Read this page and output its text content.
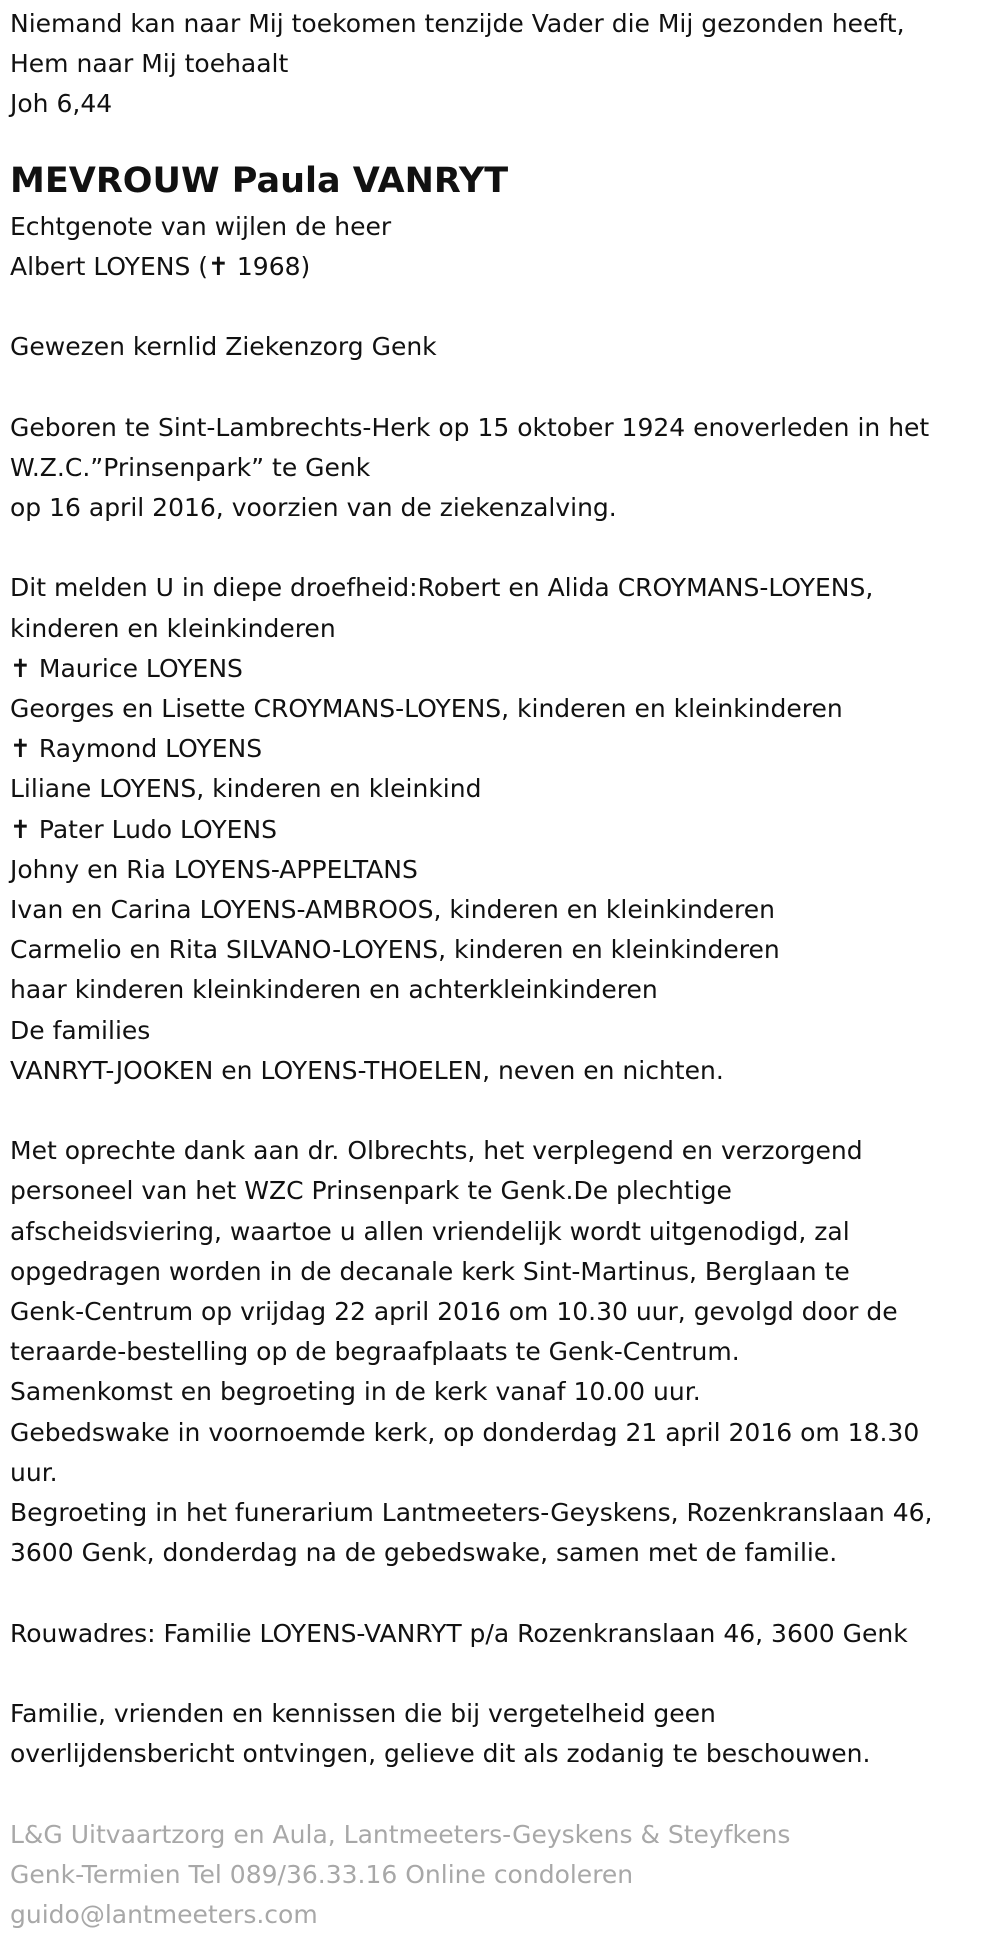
Niemand kan naar Mij toekomen tenzijde Vader die Mij gezonden heeft,

Hem naar Mij toehaalt

Joh 6,44

MEVROUW Paula VANRYT

Echtgenote van wijlen de heer

Albert LOYENS (✝ 1968)

Gewezen kernlid Ziekenzorg Genk

Geboren te Sint-Lambrechts-Herk op 15 oktober 1924 enoverleden in het

W.Z.C.”Prinsenpark” te Genk

op 16 april 2016, voorzien van de ziekenzalving.

Dit melden U in diepe droefheid:Robert en Alida CROYMANS-LOYENS,

kinderen en kleinkinderen

✝ Maurice LOYENS

Georges en Lisette CROYMANS-LOYENS, kinderen en kleinkinderen

✝ Raymond LOYENS

Liliane LOYENS, kinderen en kleinkind

✝ Pater Ludo LOYENS

Johny en Ria LOYENS-APPELTANS

Ivan en Carina LOYENS-AMBROOS, kinderen en kleinkinderen

Carmelio en Rita SILVANO-LOYENS, kinderen en kleinkinderen

haar kinderen kleinkinderen en achterkleinkinderen

De families

VANRYT-JOOKEN en LOYENS-THOELEN, neven en nichten.

Met oprechte dank aan dr. Olbrechts, het verplegend en verzorgend

personeel van het WZC Prinsenpark te Genk.De plechtige

afscheidsviering, waartoe u allen vriendelijk wordt uitgenodigd, zal

opgedragen worden in de decanale kerk Sint-Martinus, Berglaan te

Genk-Centrum op vrijdag 22 april 2016 om 10.30 uur, gevolgd door de

teraarde-bestelling op de begraafplaats te Genk-Centrum.

Samenkomst en begroeting in de kerk vanaf 10.00 uur.

Gebedswake in voornoemde kerk, op donderdag 21 april 2016 om 18.30

uur.

Begroeting in het funerarium Lantmeeters-Geyskens, Rozenkranslaan 46,

3600 Genk, donderdag na de gebedswake, samen met de familie.

Rouwadres: Familie LOYENS-VANRYT p/a Rozenkranslaan 46, 3600 Genk

Familie, vrienden en kennissen die bij vergetelheid geen

overlijdensbericht ontvingen, gelieve dit als zodanig te beschouwen.

L&G Uitvaartzorg en Aula, Lantmeeters-Geyskens & Steyfkens

Genk-Termien Tel 089/36.33.16 Online condoleren

guido@lantmeeters.com
